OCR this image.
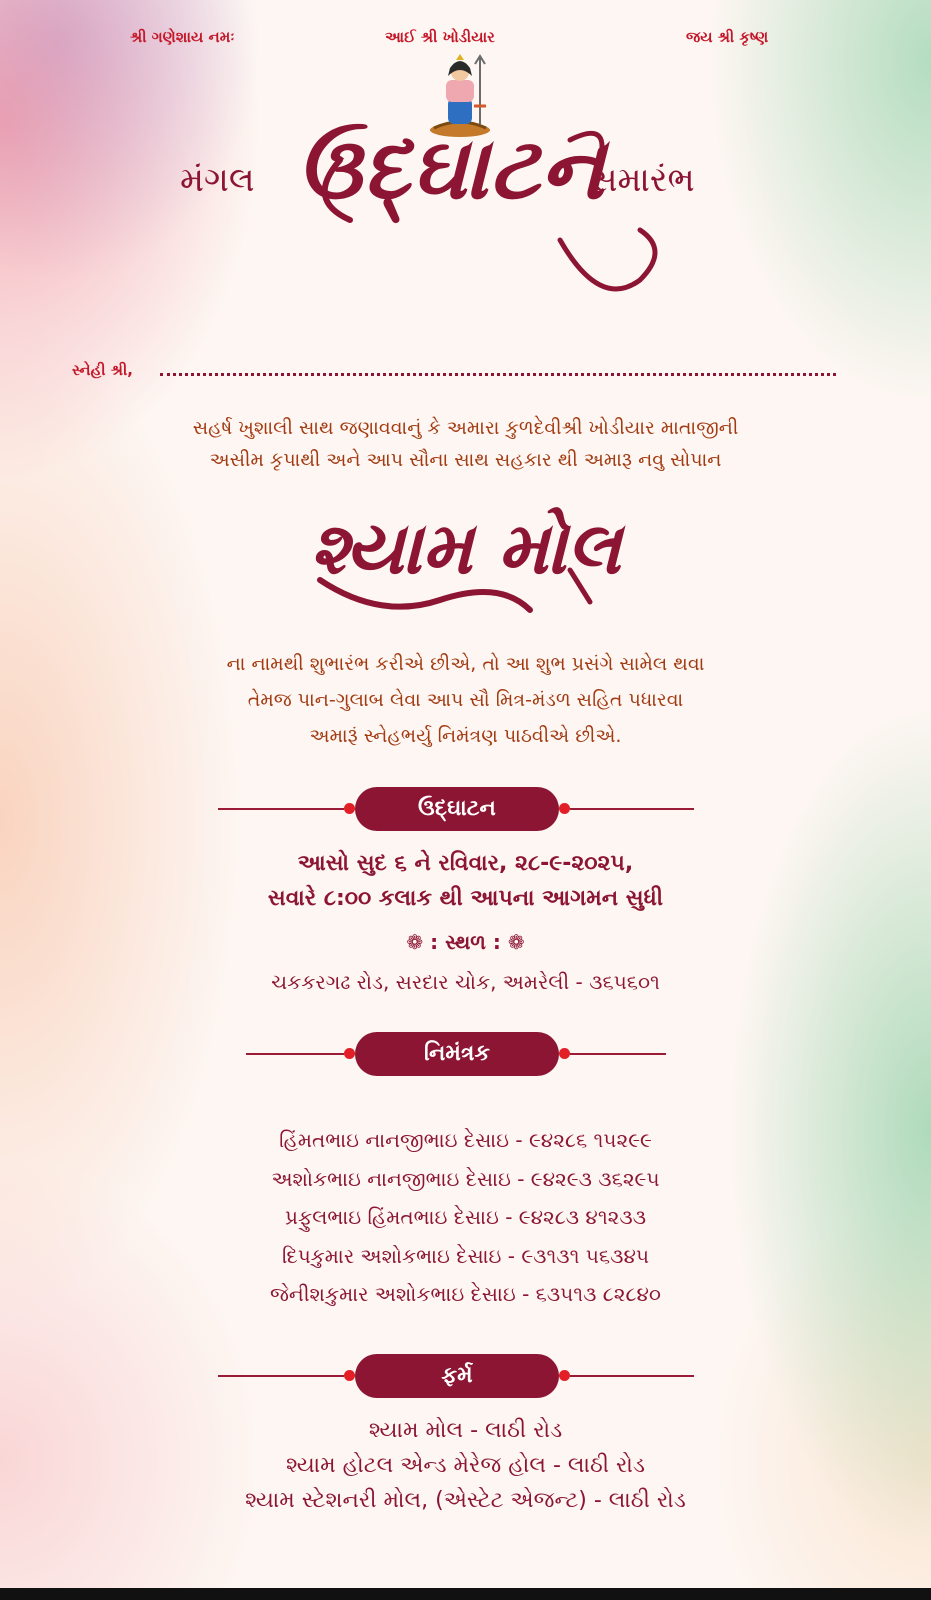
શ્રી ગણેશાય નમઃ	આઈ શ્રી ખોડીયાર	જય શ્રી કૃષ્ણ
મંગલ ઉદ્‌ઘાટન
સમારંભ
સ્નેહી શ્રી,
સહર્ષ ખુશાલી સાથ જણાવવાનું કે અમારા કુળદેવીશ્રી ખોડીયાર માતાજીની
અસીમ કૃપાથી અને આપ સૌના સાથ સહકાર થી અમારૂ નવુ સોપાન
શ્યામ મોલ
ના નામથી શુભારંભ કરીએ છીએ, તો આ શુભ પ્રસંગે સામેલ થવા
તેમજ પાન-ગુલાબ લેવા આપ સૌ મિત્ર-મંડળ સહિત પધારવા
અમારૂં સ્નેહભર્યુ નિમંત્રણ પાઠવીએ છીએ.
ઉદ્‌ઘાટન
આસો સુદ ૬ ને રવિવાર, ૨૮-૯-૨૦૨૫,
સવારે ૮:૦૦ કલાક થી આપના આગમન સુધી
❁ : સ્થળ : ❁
ચકકરગઢ રોડ, સરદાર ચોક, અમરેલી - ૩૬૫૬૦૧
નિમંત્રક
હિંમતભાઇ નાનજીભાઇ દેસાઇ - ૯૪૨૮૬ ૧૫૨૯૯
અશોકભાઇ નાનજીભાઇ દેસાઇ - ૯૪૨૯૩ ૩૬૨૯૫
પ્રફુલભાઇ હિંમતભાઇ દેસાઇ - ૯૪૨૮૩ ૪૧૨૩૩
દિપકુમાર અશોકભાઇ દેસાઇ - ૯૩૧૩૧ ૫૬૩૪૫
જેનીશકુમાર અશોકભાઇ દેસાઇ - ૬૩૫૧૩ ૮૨૮૪૦
ફર્મ
શ્યામ મોલ - લાઠી રોડ
શ્યામ હોટલ એન્ડ મેરેજ હોલ - લાઠી રોડ
શ્યામ સ્ટેશનરી મોલ, (એસ્ટેટ એજન્ટ) - લાઠી રોડ
